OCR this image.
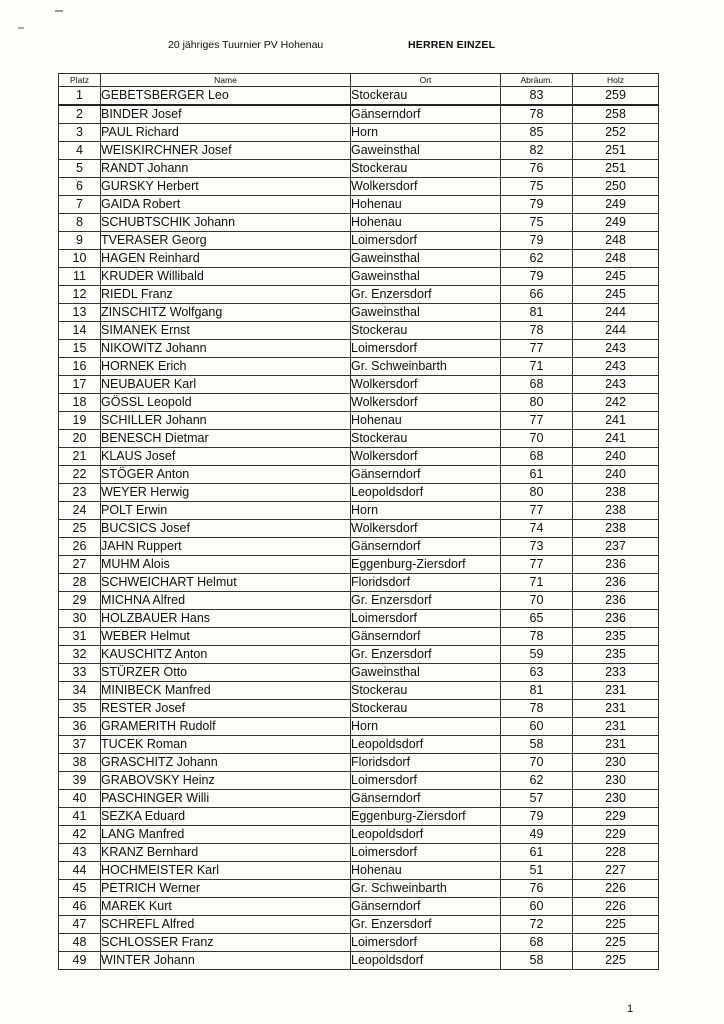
20 jähriges Tuurnier PV Hohenau	HERREN EINZEL
Platz	Name	Ort	Abräum.	Holz
1	GEBETSBERGER Leo	Stockerau	83	259
2	BINDER Josef	Gänserndorf	78	258
3	PAUL Richard	Horn	85	252
4	WEISKIRCHNER Josef	Gaweinsthal	82	251
5	RANDT Johann	Stockerau	76	251
6	GURSKY Herbert	Wolkersdorf	75	250
7	GAIDA Robert	Hohenau	79	249
8	SCHUBTSCHIK Johann	Hohenau	75	249
9	TVERASER Georg	Loimersdorf	79	248
10	HAGEN Reinhard	Gaweinsthal	62	248
11	KRUDER Willibald	Gaweinsthal	79	245
12	RIEDL Franz	Gr. Enzersdorf	66	245
13	ZINSCHITZ Wolfgang	Gaweinsthal	81	244
14	SIMANEK Ernst	Stockerau	78	244
15	NIKOWITZ Johann	Loimersdorf	77	243
16	HORNEK Erich	Gr. Schweinbarth	71	243
17	NEUBAUER Karl	Wolkersdorf	68	243
18	GÖSSL Leopold	Wolkersdorf	80	242
19	SCHILLER Johann	Hohenau	77	241
20	BENESCH Dietmar	Stockerau	70	241
21	KLAUS Josef	Wolkersdorf	68	240
22	STÖGER Anton	Gänserndorf	61	240
23	WEYER Herwig	Leopoldsdorf	80	238
24	POLT Erwin	Horn	77	238
25	BUCSICS Josef	Wolkersdorf	74	238
26	JAHN Ruppert	Gänserndorf	73	237
27	MUHM Alois	Eggenburg-Ziersdorf	77	236
28	SCHWEICHART Helmut	Floridsdorf	71	236
29	MICHNA Alfred	Gr. Enzersdorf	70	236
30	HOLZBAUER Hans	Loimersdorf	65	236
31	WEBER Helmut	Gänserndorf	78	235
32	KAUSCHITZ Anton	Gr. Enzersdorf	59	235
33	STÜRZER Otto	Gaweinsthal	63	233
34	MINIBECK Manfred	Stockerau	81	231
35	RESTER Josef	Stockerau	78	231
36	GRAMERITH Rudolf	Horn	60	231
37	TUCEK Roman	Leopoldsdorf	58	231
38	GRASCHITZ Johann	Floridsdorf	70	230
39	GRABOVSKY Heinz	Loimersdorf	62	230
40	PASCHINGER Willi	Gänserndorf	57	230
41	SEZKA Eduard	Eggenburg-Ziersdorf	79	229
42	LANG Manfred	Leopoldsdorf	49	229
43	KRANZ Bernhard	Loimersdorf	61	228
44	HOCHMEISTER Karl	Hohenau	51	227
45	PETRICH Werner	Gr. Schweinbarth	76	226
46	MAREK Kurt	Gänserndorf	60	226
47	SCHREFL Alfred	Gr. Enzersdorf	72	225
48	SCHLOSSER Franz	Loimersdorf	68	225
49	WINTER Johann	Leopoldsdorf	58	225
1
